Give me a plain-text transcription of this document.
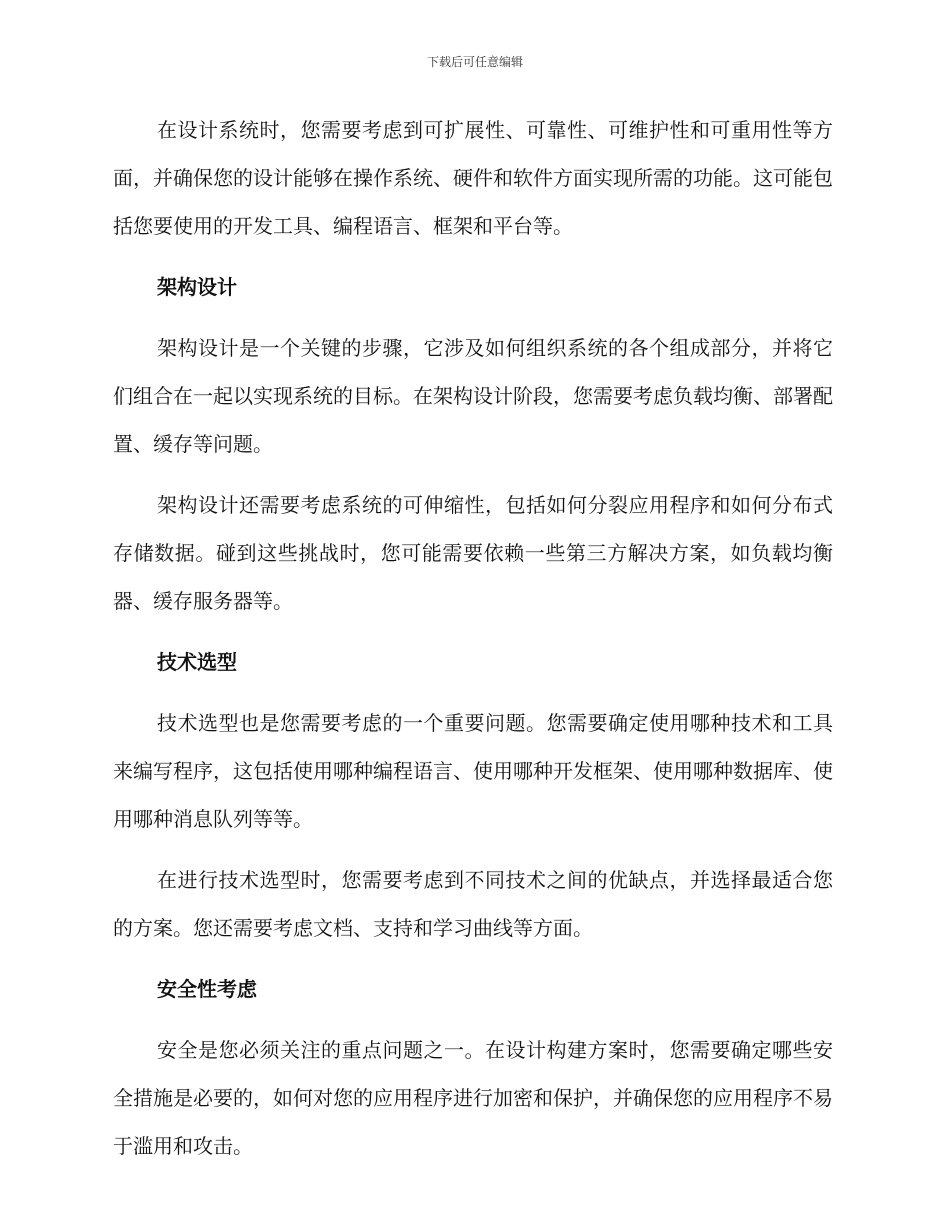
下载后可任意编辑

在设计系统时，您需要考虑到可扩展性、可靠性、可维护性和可重用性等方面，并确保您的设计能够在操作系统、硬件和软件方面实现所需的功能。这可能包括您要使用的开发工具、编程语言、框架和平台等。

架构设计

架构设计是一个关键的步骤，它涉及如何组织系统的各个组成部分，并将它们组合在一起以实现系统的目标。在架构设计阶段，您需要考虑负载均衡、部署配置、缓存等问题。

架构设计还需要考虑系统的可伸缩性，包括如何分裂应用程序和如何分布式存储数据。碰到这些挑战时，您可能需要依赖一些第三方解决方案，如负载均衡器、缓存服务器等。

技术选型

技术选型也是您需要考虑的一个重要问题。您需要确定使用哪种技术和工具来编写程序，这包括使用哪种编程语言、使用哪种开发框架、使用哪种数据库、使用哪种消息队列等等。

在进行技术选型时，您需要考虑到不同技术之间的优缺点，并选择最适合您的方案。您还需要考虑文档、支持和学习曲线等方面。

安全性考虑

安全是您必须关注的重点问题之一。在设计构建方案时，您需要确定哪些安全措施是必要的，如何对您的应用程序进行加密和保护，并确保您的应用程序不易于滥用和攻击。
